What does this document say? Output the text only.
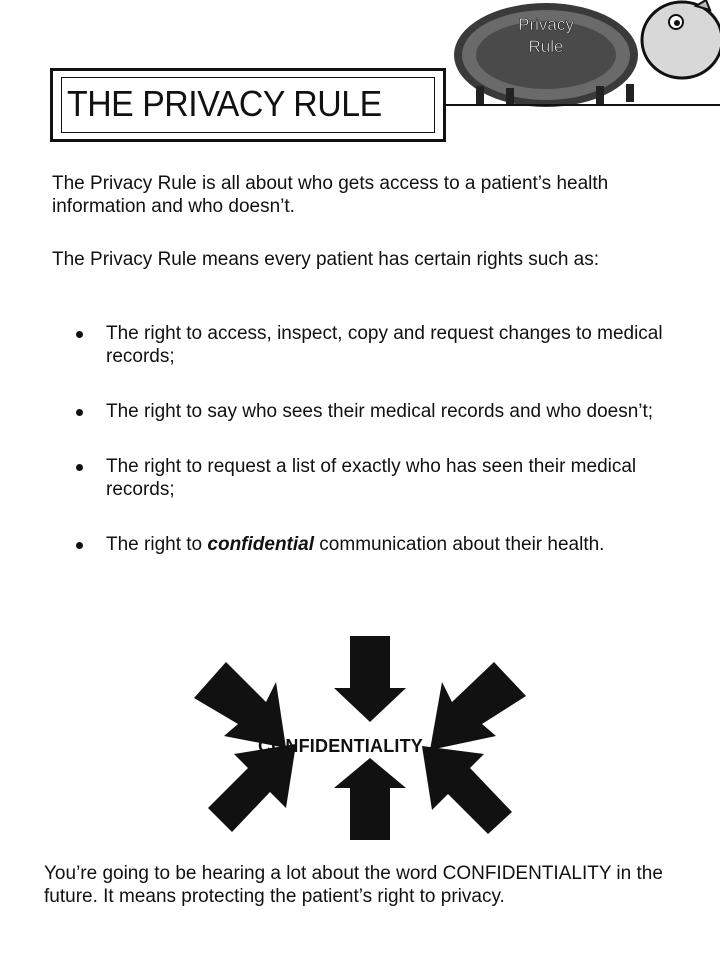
Privacy
Rule
THE PRIVACY RULE
The Privacy Rule is all about who gets access to a patient’s health information and who doesn’t.
The Privacy Rule means every patient has certain rights such as:
The right to access, inspect, copy and request changes to medical records;
The right to say who sees their medical records and who doesn’t;
The right to request a list of exactly who has seen their medical records;
The right to confidential communication about their health.
CONFIDENTIALITY
You’re going to be hearing a lot about the word CONFIDENTIALITY in the future. It means protecting the patient’s right to privacy.
